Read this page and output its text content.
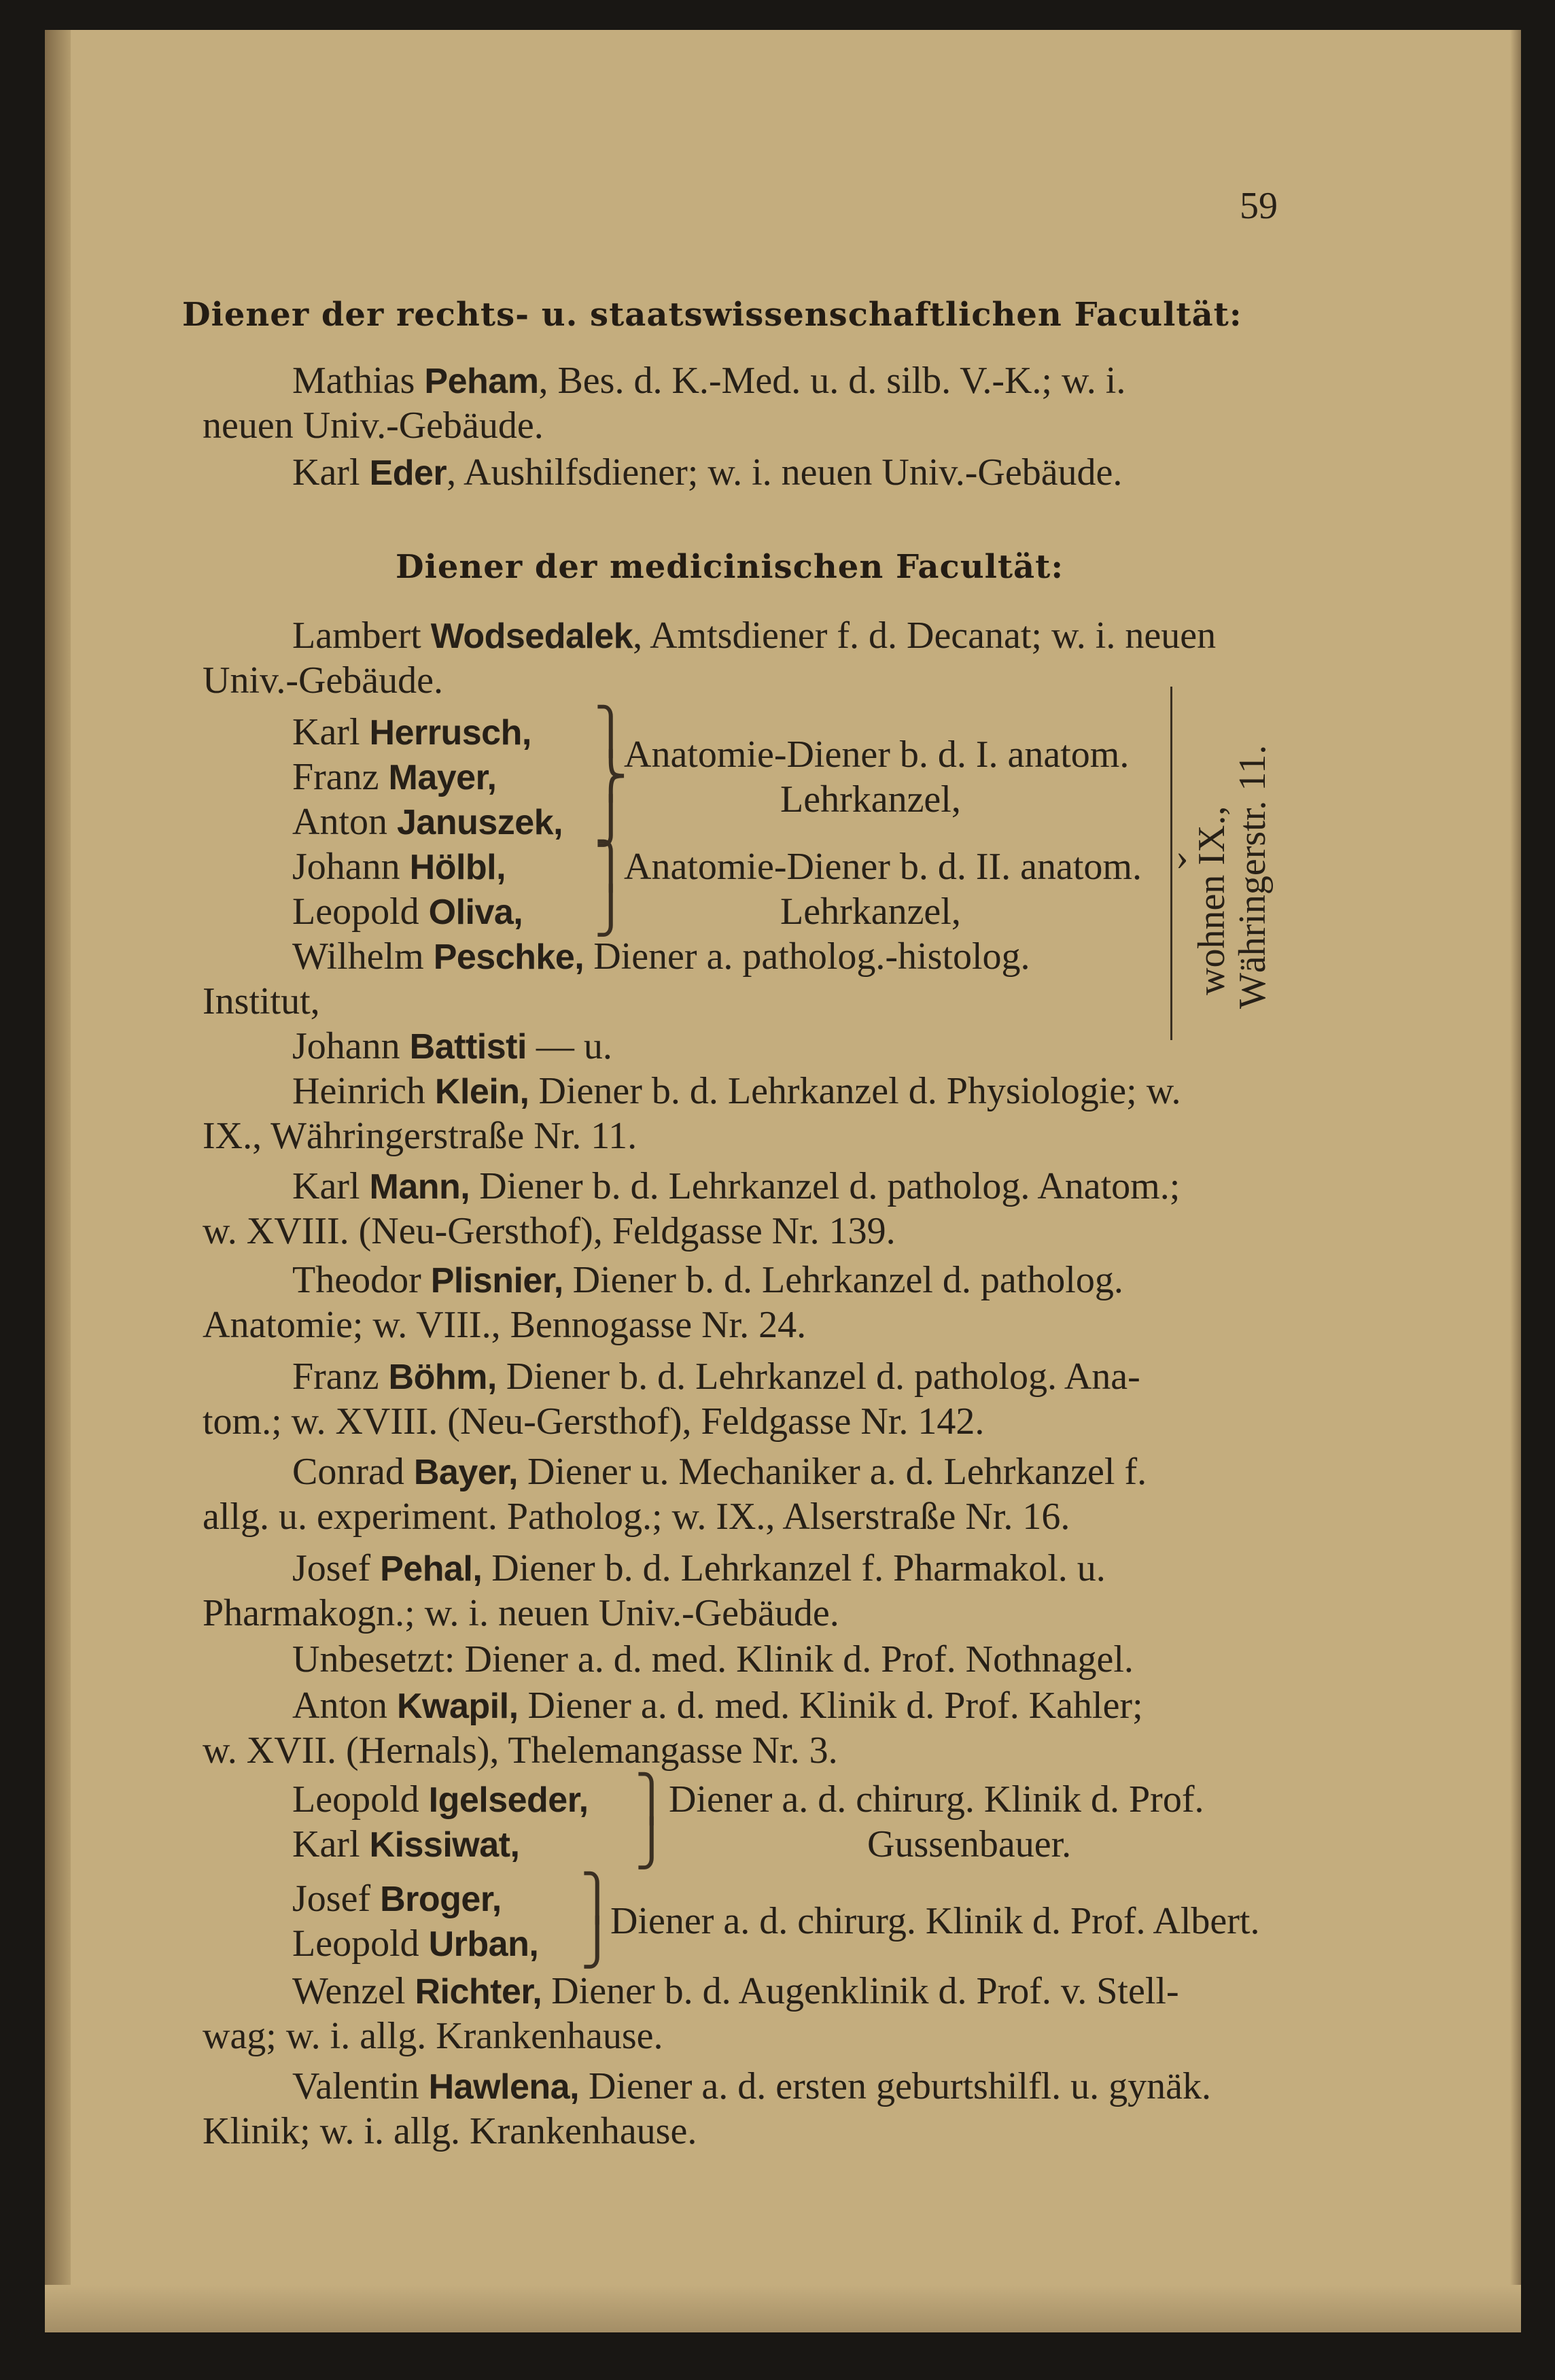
59
Diener der rechts- u. staatswissenschaftlichen Facultät:
Mathias Peham, Bes. d. K.-Med. u. d. silb. V.-K.; w. i.
neuen Univ.-Gebäude.
Karl Eder, Aushilfsdiener; w. i. neuen Univ.-Gebäude.
Diener der medicinischen Facultät:
Lambert Wodsedalek, Amtsdiener f. d. Decanat; w. i. neuen
Univ.-Gebäude.
Karl Herrusch,
Franz Mayer,
Anton Januszek,
⎫
⎬
⎭
Anatomie-Diener b. d. I. anatom.
Lehrkanzel,
Johann Hölbl,
Leopold Oliva,
⎫
⎭
Anatomie-Diener b. d. II. anatom.
Lehrkanzel,
Wilhelm Peschke, Diener a. patholog.-histolog.
Institut,
Johann Battisti — u.
› wohnen IX.,
Währingerstr. 11.
Heinrich Klein, Diener b. d. Lehrkanzel d. Physiologie; w.
IX., Währingerstraße Nr. 11.
Karl Mann, Diener b. d. Lehrkanzel d. patholog. Anatom.;
w. XVIII. (Neu-Gersthof), Feldgasse Nr. 139.
Theodor Plisnier, Diener b. d. Lehrkanzel d. patholog.
Anatomie; w. VIII., Bennogasse Nr. 24.
Franz Böhm, Diener b. d. Lehrkanzel d. patholog. Ana-
tom.; w. XVIII. (Neu-Gersthof), Feldgasse Nr. 142.
Conrad Bayer, Diener u. Mechaniker a. d. Lehrkanzel f.
allg. u. experiment. Patholog.; w. IX., Alserstraße Nr. 16.
Josef Pehal, Diener b. d. Lehrkanzel f. Pharmakol. u.
Pharmakogn.; w. i. neuen Univ.-Gebäude.
Unbesetzt: Diener a. d. med. Klinik d. Prof. Nothnagel.
Anton Kwapil, Diener a. d. med. Klinik d. Prof. Kahler;
w. XVII. (Hernals), Thelemangasse Nr. 3.
Leopold Igelseder,
Karl Kissiwat,
⎫
⎭
Diener a. d. chirurg. Klinik d. Prof.
Gussenbauer.
Josef Broger,
Leopold Urban,
⎫
⎭
Diener a. d. chirurg. Klinik d. Prof. Albert.
Wenzel Richter, Diener b. d. Augenklinik d. Prof. v. Stell-
wag; w. i. allg. Krankenhause.
Valentin Hawlena, Diener a. d. ersten geburtshilfl. u. gynäk.
Klinik; w. i. allg. Krankenhause.
